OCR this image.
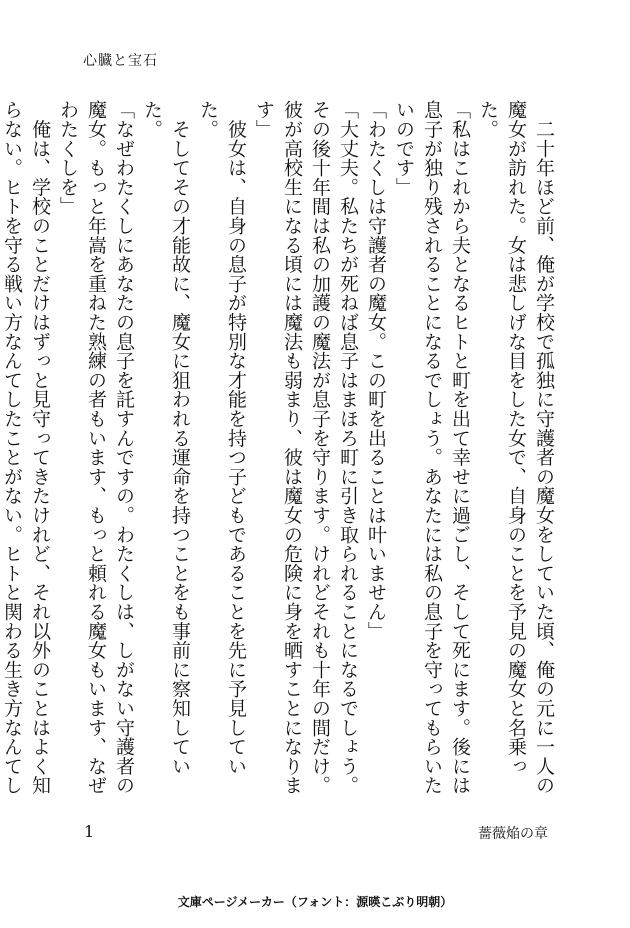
心臓と宝石

二十年ほど前、俺が学校で孤独に守護者の魔女をしていた頃、俺の元に一人の魔女が訪れた。女は悲しげな目をした女で、自身のことを予見の魔女と名乗った。

「私はこれから夫となるヒトと町を出て幸せに過ごし、そして死にます。後には息子が独り残されることになるでしょう。あなたには私の息子を守ってもらいたいのです」

「わたくしは守護者の魔女。この町を出ることは叶いません」

「大丈夫。私たちが死ねば息子はまほろ町に引き取られることになるでしょう。その後十年間は私の加護の魔法が息子を守ります。けれどそれも十年の間だけ。彼が高校生になる頃には魔法も弱まり、彼は魔女の危険に身を晒すことになります」

彼女は、自身の息子が特別な才能を持つ子どもであることを先に予見していた。

そしてその才能故に、魔女に狙われる運命を持つことをも事前に察知していた。

「なぜわたくしにあなたの息子を託すんですの。わたくしは、しがない守護者の魔女。もっと年嵩を重ねた熟練の者もいます、もっと頼れる魔女もいます、なぜわたくしを」

俺は、学校のことだけはずっと見守ってきたけれど、それ以外のことはよく知らない。ヒトを守る戦い方なんてしたことがない。ヒトと関わる生き方なんてし

1	薔薇焔の章
文庫ページメーカー（フォント：源暎こぶり明朝）
